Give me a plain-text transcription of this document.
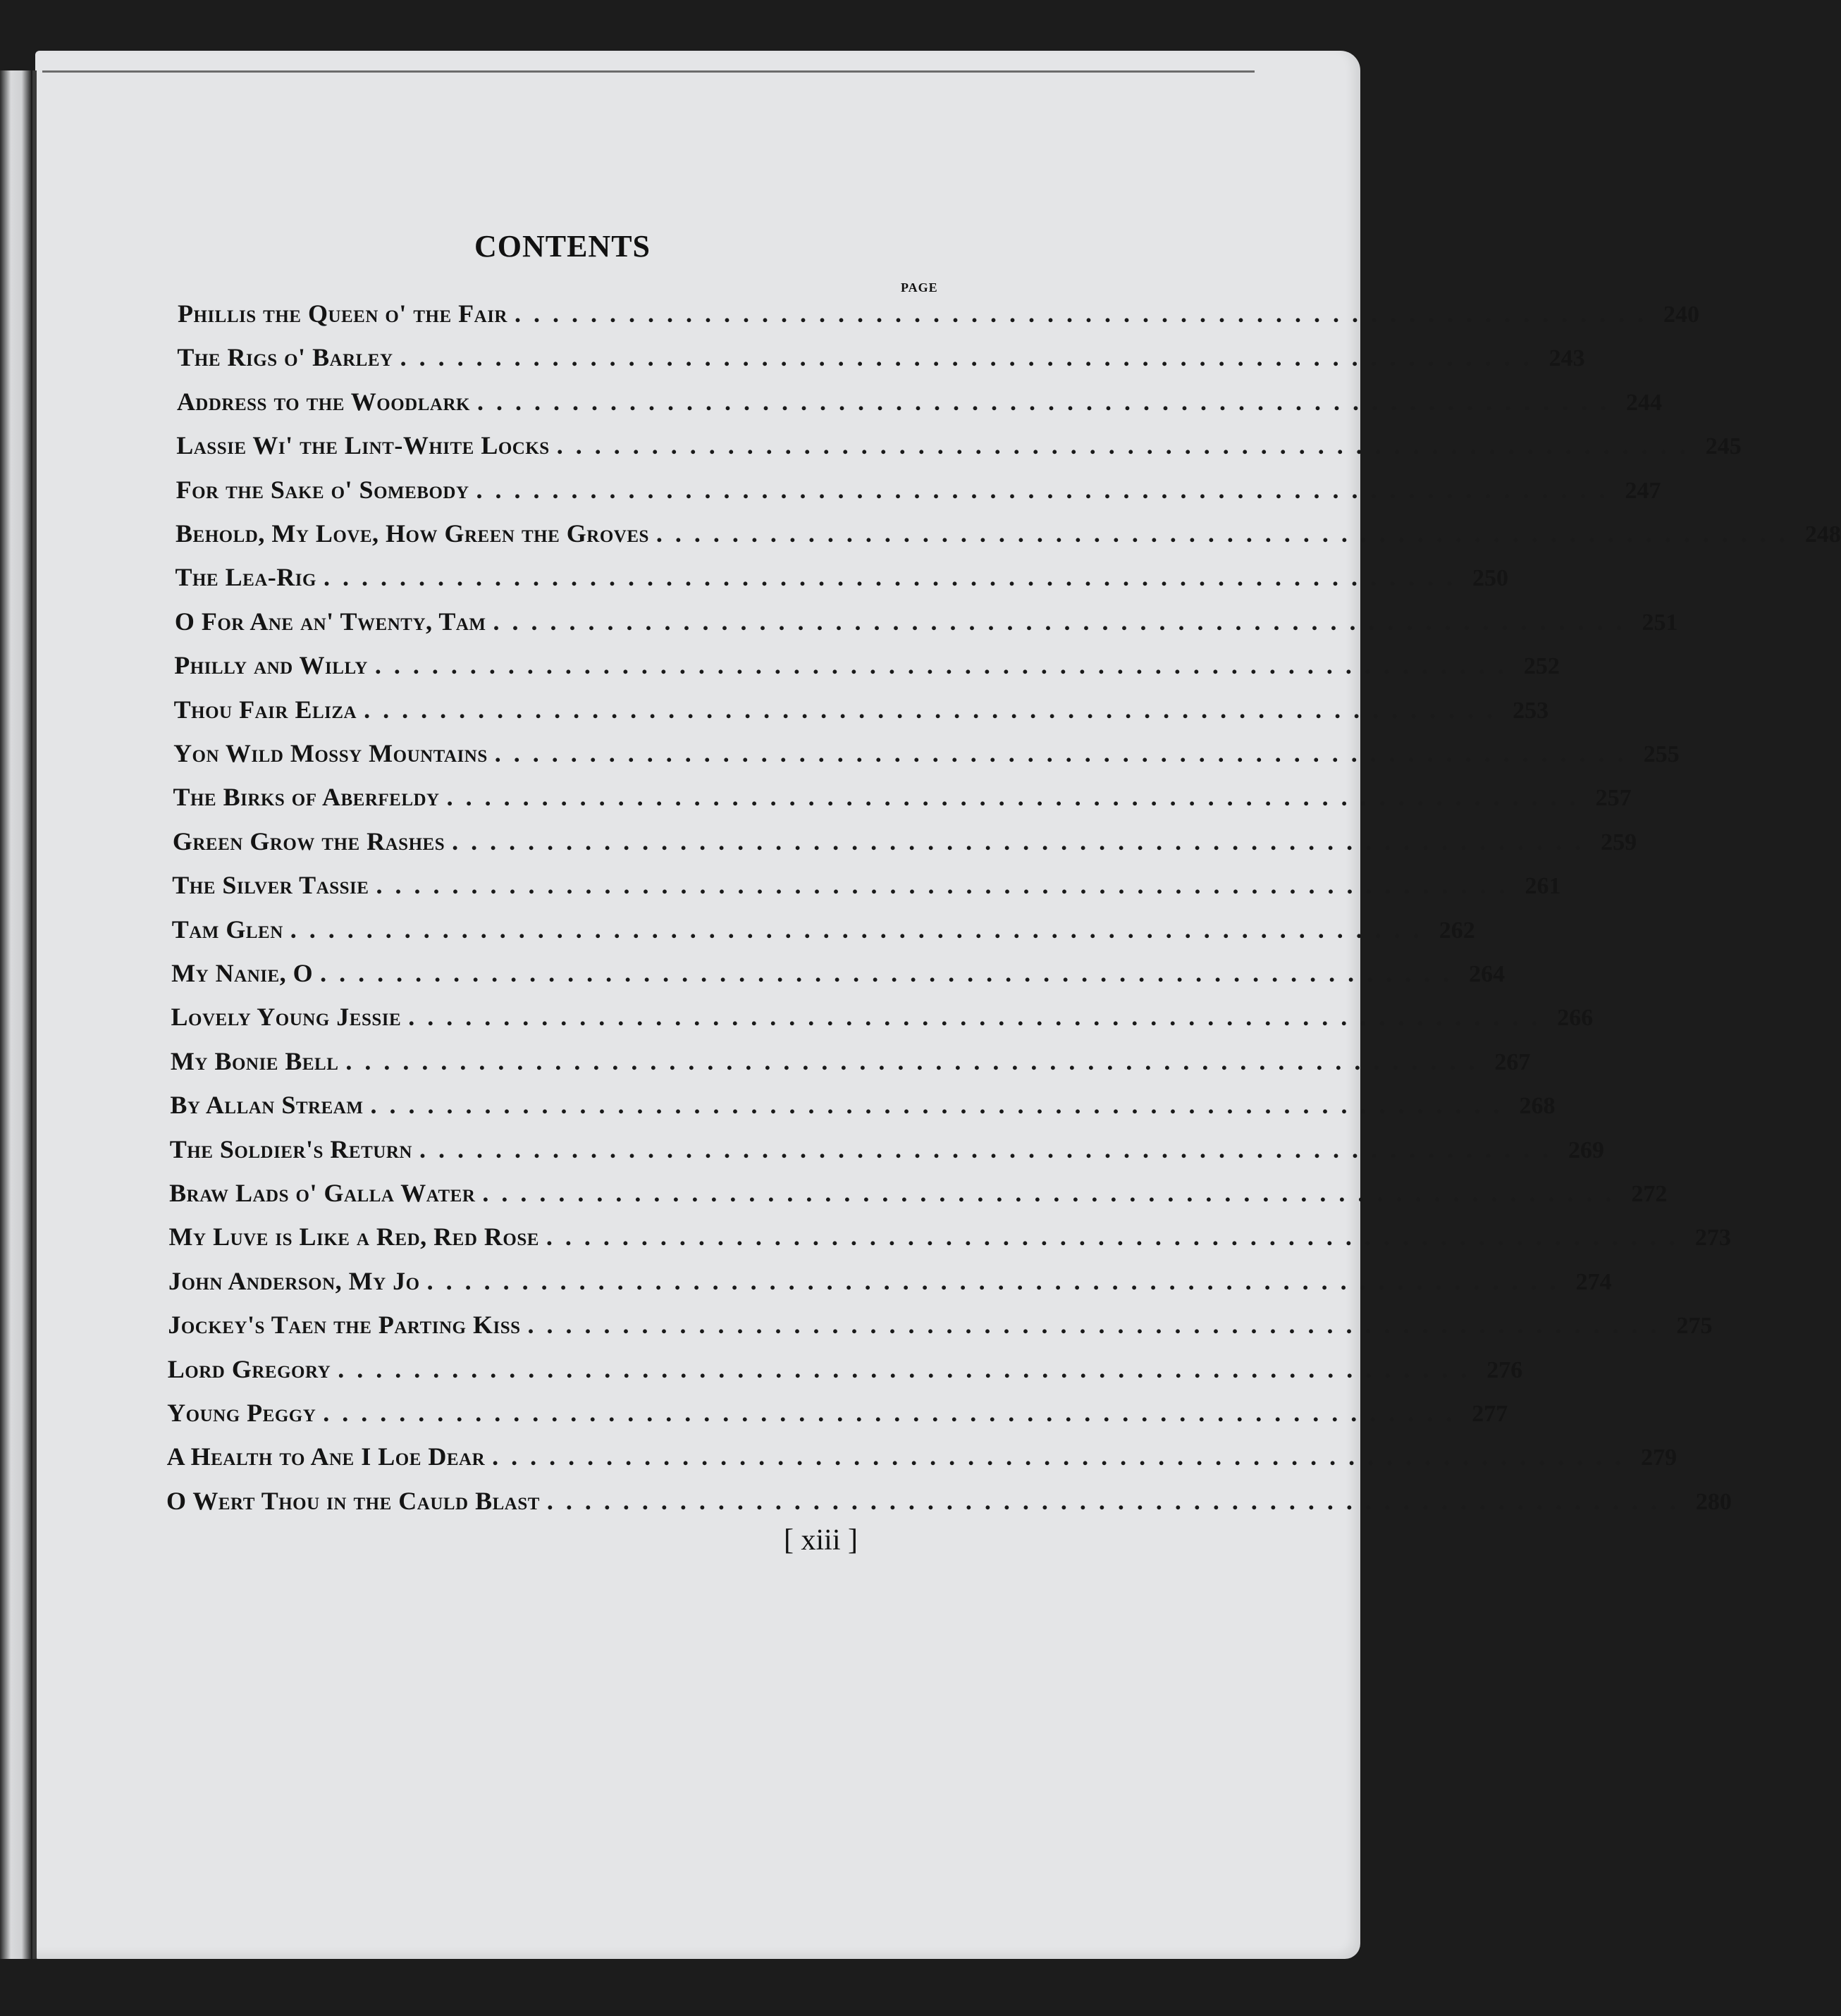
CONTENTS
PAGE
Phillis the Queen o' the Fair ............................................................ 240
The Rigs o' Barley ............................................................ 243
Address to the Woodlark ............................................................ 244
Lassie Wi' the Lint-White Locks ............................................................ 245
For the Sake o' Somebody ............................................................ 247
Behold, My Love, How Green the Groves ............................................................ 248
The Lea-Rig ............................................................ 250
O For Ane an' Twenty, Tam ............................................................ 251
Philly and Willy ............................................................ 252
Thou Fair Eliza ............................................................ 253
Yon Wild Mossy Mountains ............................................................ 255
The Birks of Aberfeldy ............................................................ 257
Green Grow the Rashes ............................................................ 259
The Silver Tassie ............................................................ 261
Tam Glen ............................................................ 262
My Nanie, O ............................................................ 264
Lovely Young Jessie ............................................................ 266
My Bonie Bell ............................................................ 267
By Allan Stream ............................................................ 268
The Soldier's Return ............................................................ 269
Braw Lads o' Galla Water ............................................................ 272
My Luve is Like a Red, Red Rose ............................................................ 273
John Anderson, My Jo ............................................................ 274
Jockey's Taen the Parting Kiss ............................................................ 275
Lord Gregory ............................................................ 276
Young Peggy ............................................................ 277
A Health to Ane I Loe Dear ............................................................ 279
O Wert Thou in the Cauld Blast ............................................................ 280
[ xiii ]
